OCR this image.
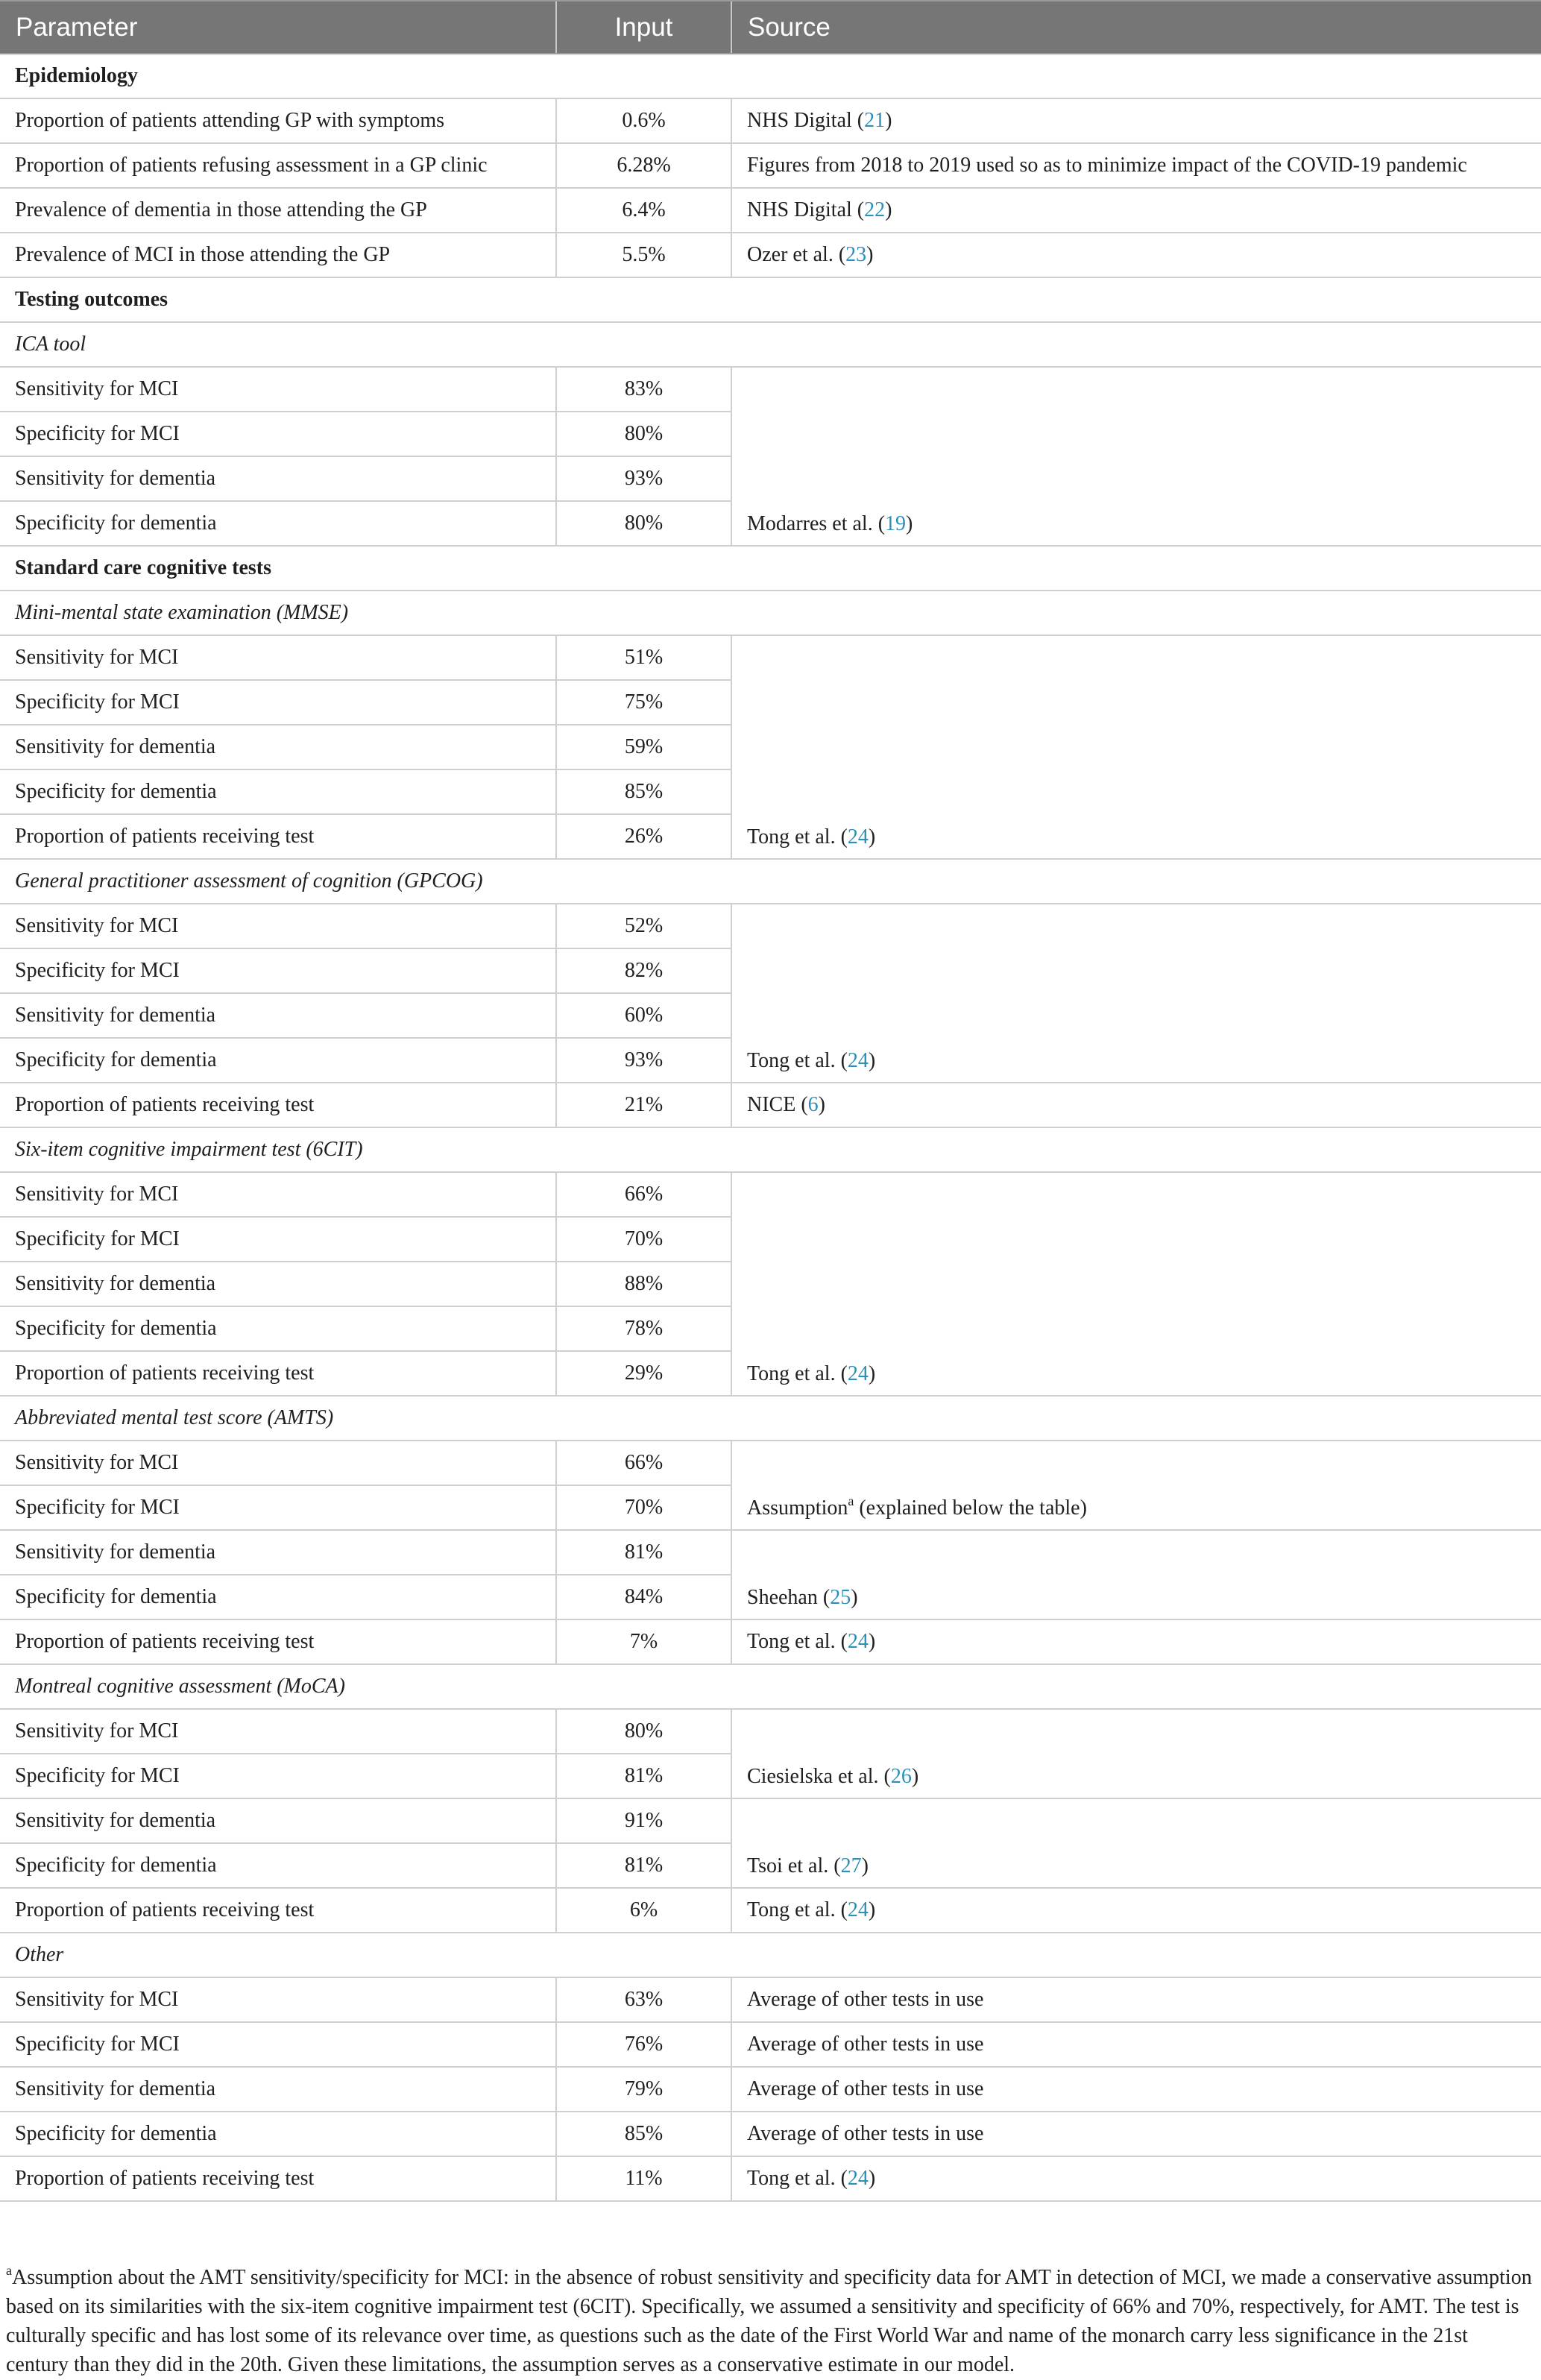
Parameter	Input	Source
Epidemiology		
Proportion of patients attending GP with symptoms	0.6%	NHS Digital (21)
Proportion of patients refusing assessment in a GP clinic	6.28%	Figures from 2018 to 2019 used so as to minimize impact of the COVID-19 pandemic
Prevalence of dementia in those attending the GP	6.4%	NHS Digital (22)
Prevalence of MCI in those attending the GP	5.5%	Ozer et al. (23)
Testing outcomes		
ICA tool		
Sensitivity for MCI	83%	Modarres et al. (19)
Specificity for MCI	80%	
Sensitivity for dementia	93%	
Specificity for dementia	80%	
Standard care cognitive tests		
Mini-mental state examination (MMSE)		
Sensitivity for MCI	51%	Tong et al. (24)
Specificity for MCI	75%	
Sensitivity for dementia	59%	
Specificity for dementia	85%	
Proportion of patients receiving test	26%	
General practitioner assessment of cognition (GPCOG)		
Sensitivity for MCI	52%	Tong et al. (24)
Specificity for MCI	82%	
Sensitivity for dementia	60%	
Specificity for dementia	93%	
Proportion of patients receiving test	21%	NICE (6)
Six-item cognitive impairment test (6CIT)		
Sensitivity for MCI	66%	Tong et al. (24)
Specificity for MCI	70%	
Sensitivity for dementia	88%	
Specificity for dementia	78%	
Proportion of patients receiving test	29%	
Abbreviated mental test score (AMTS)		
Sensitivity for MCI	66%	Assumption$^a$ (explained below the table)
Specificity for MCI	70%	
Sensitivity for dementia	81%	Sheehan (25)
Specificity for dementia	84%	
Proportion of patients receiving test	7%	Tong et al. (24)
Montreal cognitive assessment (MoCA)		
Sensitivity for MCI	80%	Ciesielska et al. (26)
Specificity for MCI	81%	
Sensitivity for dementia	91%	Tsoi et al. (27)
Specificity for dementia	81%	
Proportion of patients receiving test	6%	Tong et al. (24)
Other		
Sensitivity for MCI	63%	Average of other tests in use
Specificity for MCI	76%	Average of other tests in use
Sensitivity for dementia	79%	Average of other tests in use
Specificity for dementia	85%	Average of other tests in use
Proportion of patients receiving test	11%	Tong et al. (24)
$^a$Assumption about the AMT sensitivity/specificity for MCI: in the absence of robust sensitivity and specificity data for AMT in detection of MCI, we made a conservative assumption based on its similarities with the six-item cognitive impairment test (6CIT). Specifically, we assumed a sensitivity and specificity of 66% and 70%, respectively, for AMT. The test is culturally specific and has lost some of its relevance over time, as questions such as the date of the First World War and name of the monarch carry less significance in the 21st century than they did in the 20th. Given these limitations, the assumption serves as a conservative estimate in our model.
